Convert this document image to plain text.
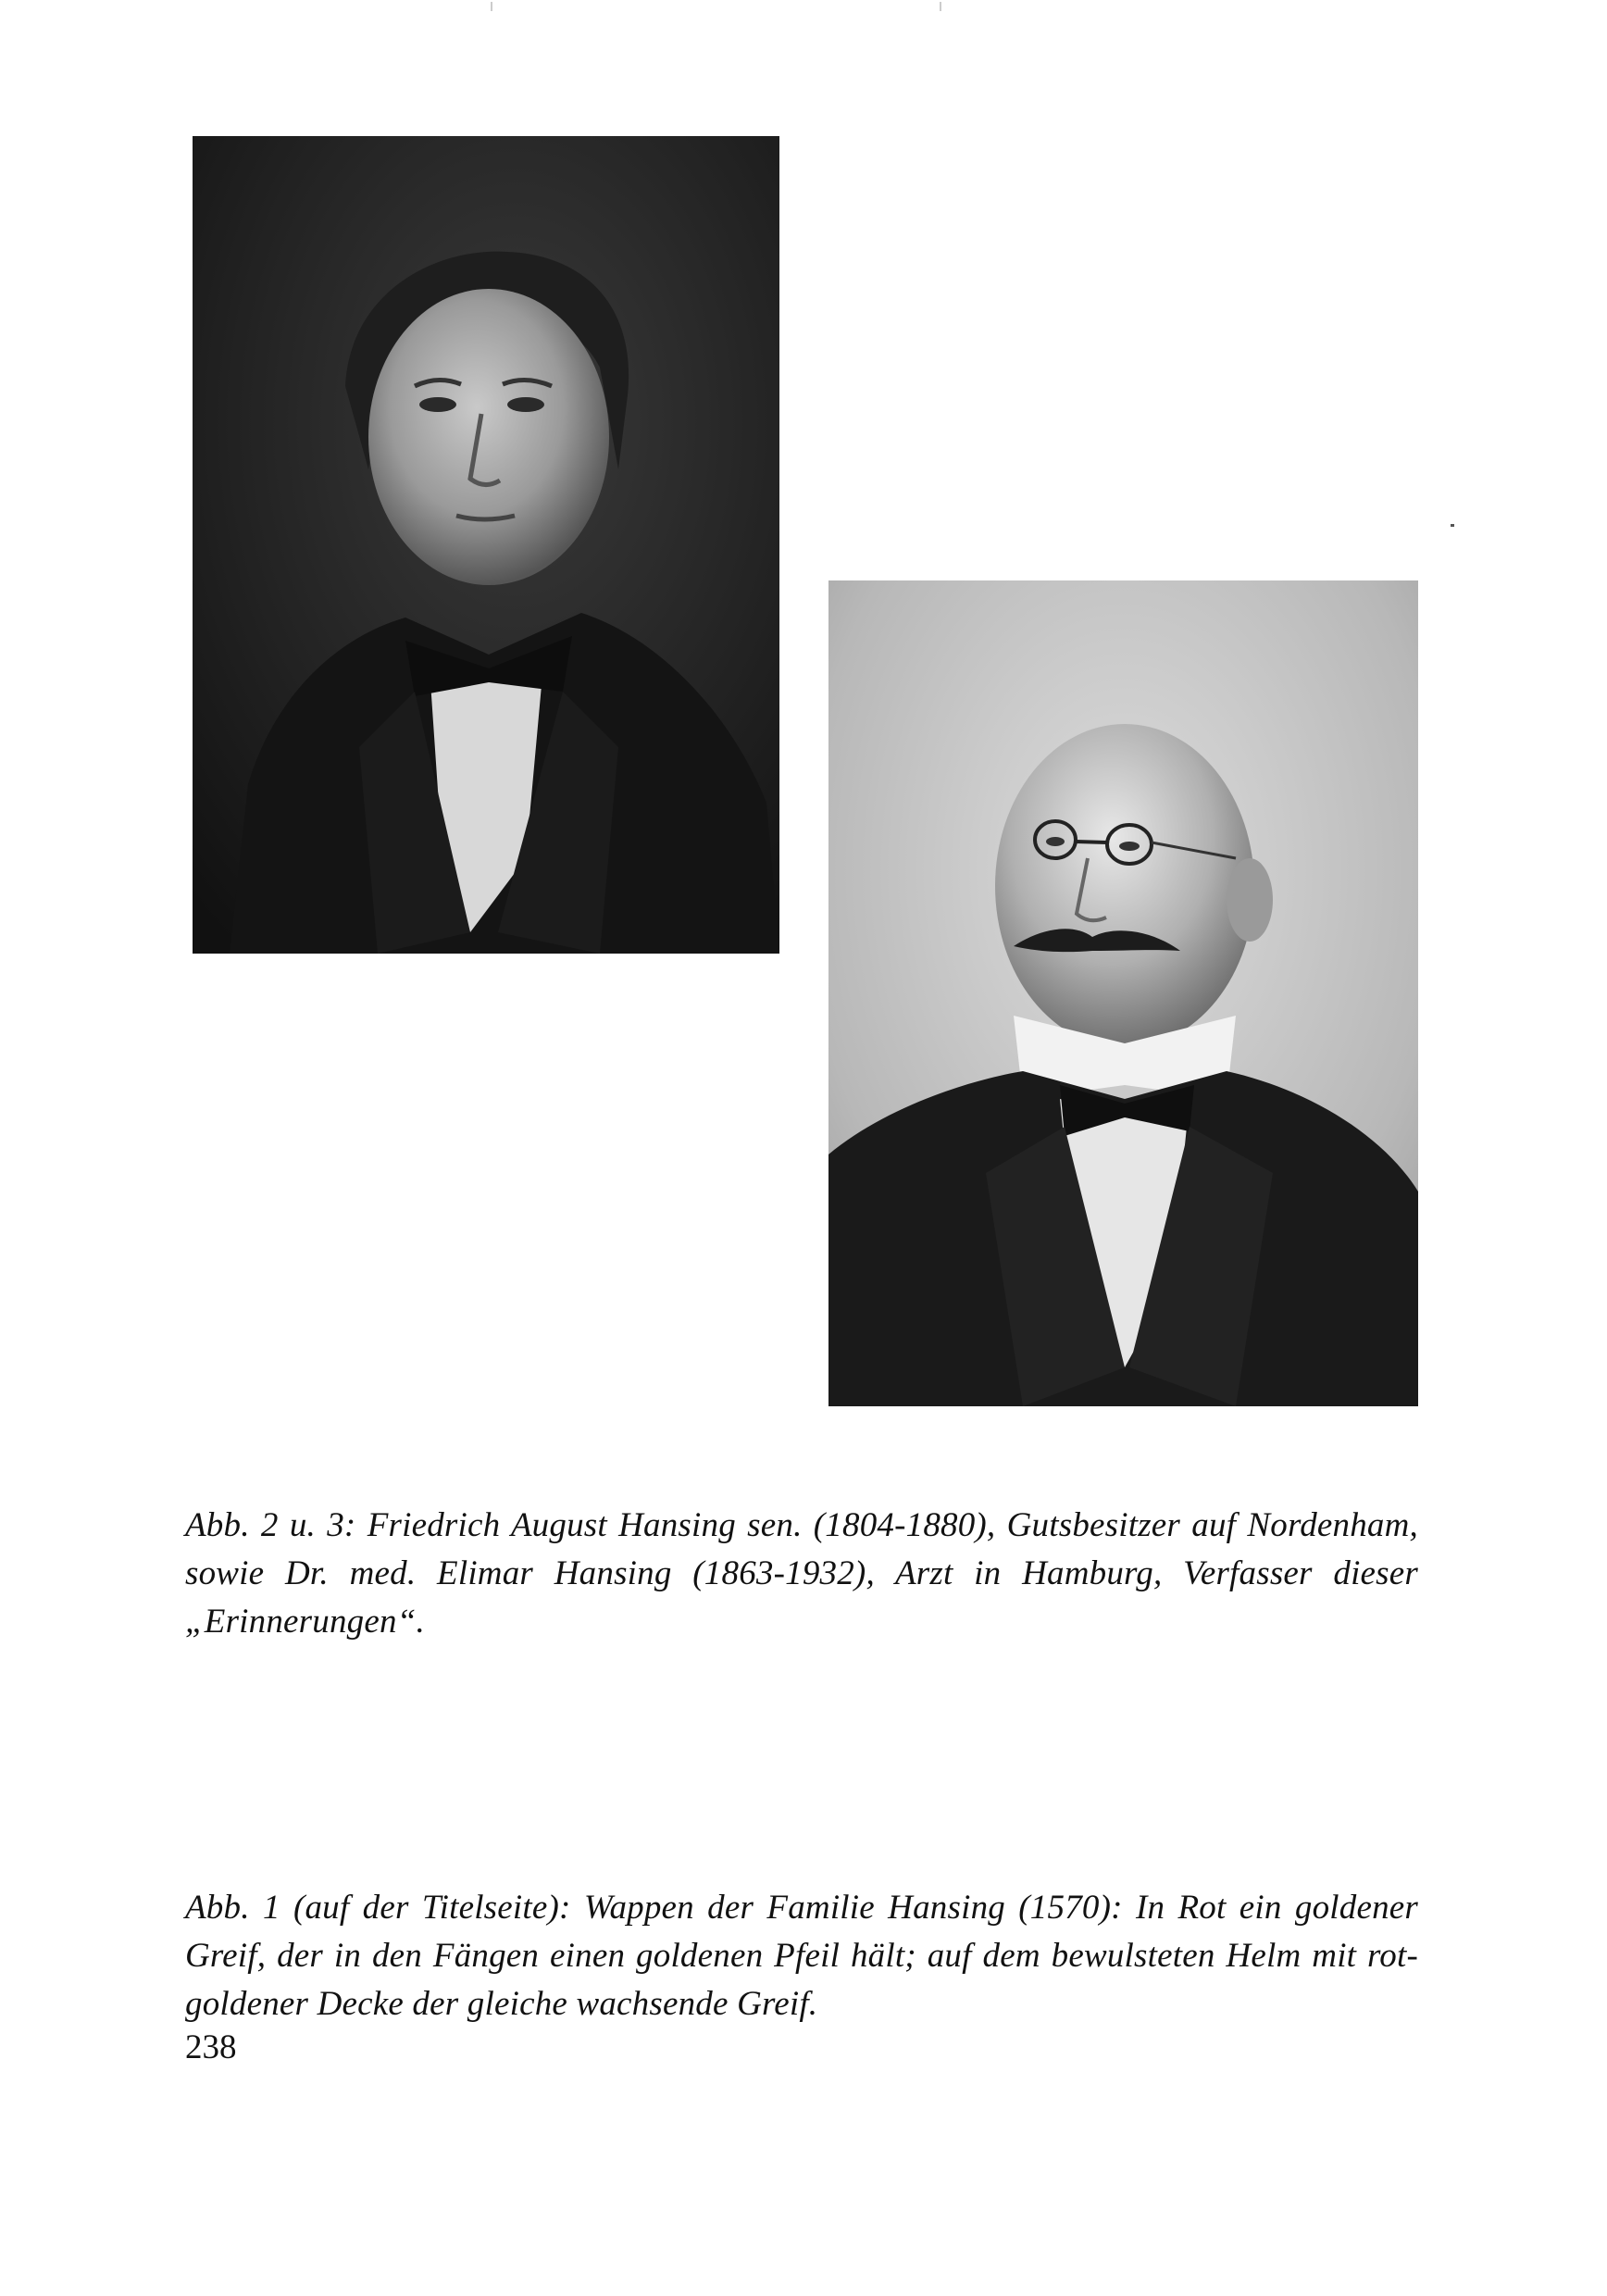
Abb. 2 u. 3: Friedrich August Hansing sen. (1804-1880), Gutsbesitzer auf Nordenham, sowie Dr. med. Elimar Hansing (1863-1932), Arzt in Hamburg, Verfasser dieser „Erinnerungen“.

Abb. 1 (auf der Titelseite): Wappen der Familie Hansing (1570): In Rot ein goldener Greif, der in den Fängen einen goldenen Pfeil hält; auf dem bewulsteten Helm mit rot-goldener Decke der gleiche wachsende Greif.

238
